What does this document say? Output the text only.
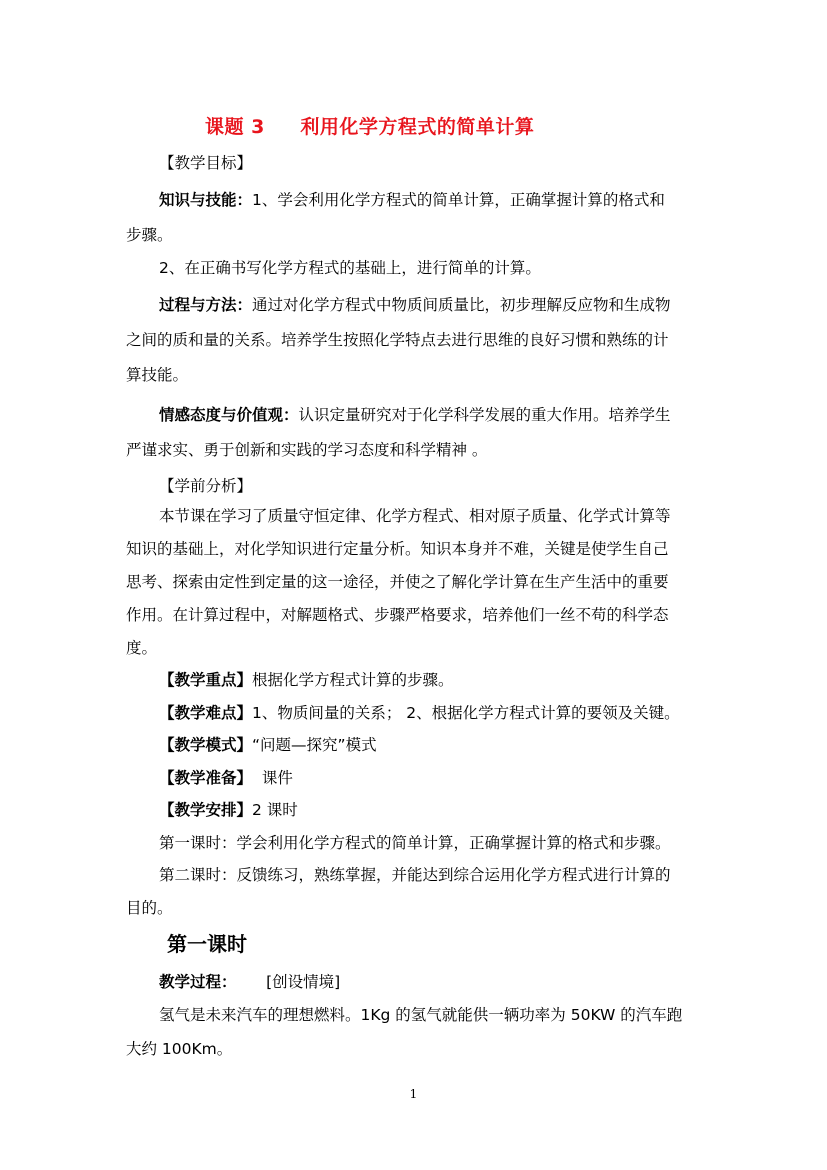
课题 3     利用化学方程式的简单计算
【教学目标】
知识与技能：1、学会利用化学方程式的简单计算，正确掌握计算的格式和
步骤。
2、在正确书写化学方程式的基础上，进行简单的计算。
过程与方法：通过对化学方程式中物质间质量比，初步理解反应物和生成物
之间的质和量的关系。培养学生按照化学特点去进行思维的良好习惯和熟练的计
算技能。
情感态度与价值观：认识定量研究对于化学科学发展的重大作用。培养学生
严谨求实、勇于创新和实践的学习态度和科学精神 。
【学前分析】
本节课在学习了质量守恒定律、化学方程式、相对原子质量、化学式计算等
知识的基础上，对化学知识进行定量分析。知识本身并不难，关键是使学生自己
思考、探索由定性到定量的这一途径，并使之了解化学计算在生产生活中的重要
作用。在计算过程中，对解题格式、步骤严格要求，培养他们一丝不苟的科学态
度。
【教学重点】根据化学方程式计算的步骤。
【教学难点】1、物质间量的关系； 2、根据化学方程式计算的要领及关键。
【教学模式】“问题—探究”模式
【教学准备】  课件
【教学安排】2 课时
第一课时：学会利用化学方程式的简单计算，正确掌握计算的格式和步骤。
第二课时：反馈练习，熟练掌握，并能达到综合运用化学方程式进行计算的
目的。
第一课时
教学过程： [创设情境]
氢气是未来汽车的理想燃料。1Kg 的氢气就能供一辆功率为 50KW 的汽车跑
大约 100Km。
1
